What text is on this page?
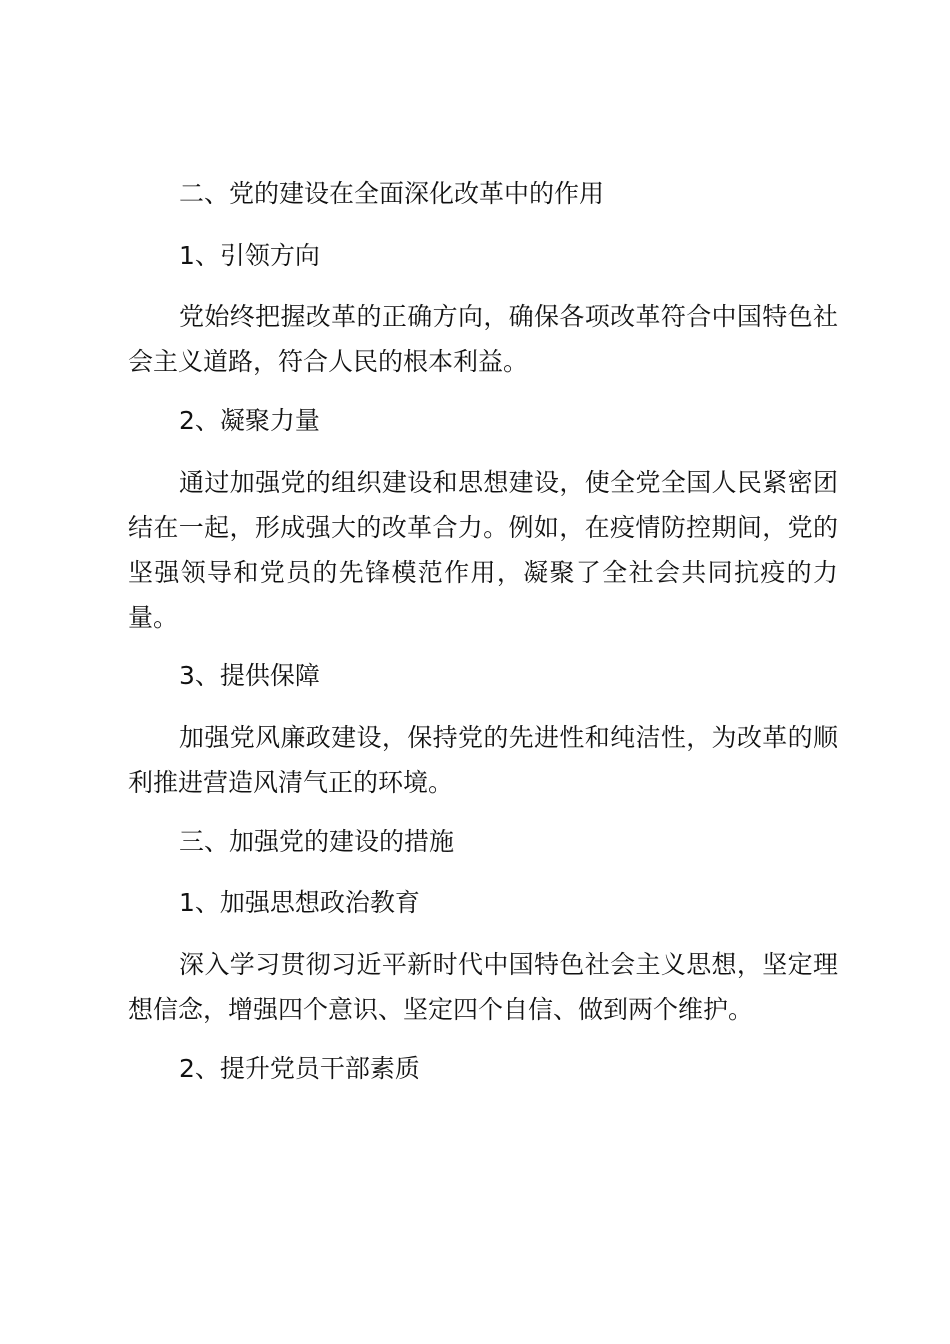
二、党的建设在全面深化改革中的作用

1、引领方向

党始终把握改革的正确方向，确保各项改革符合中国特色社会主义道路，符合人民的根本利益。

2、凝聚力量

通过加强党的组织建设和思想建设，使全党全国人民紧密团结在一起，形成强大的改革合力。例如，在疫情防控期间，党的坚强领导和党员的先锋模范作用，凝聚了全社会共同抗疫的力量。

3、提供保障

加强党风廉政建设，保持党的先进性和纯洁性，为改革的顺利推进营造风清气正的环境。

三、加强党的建设的措施

1、加强思想政治教育

深入学习贯彻习近平新时代中国特色社会主义思想，坚定理想信念，增强四个意识、坚定四个自信、做到两个维护。

2、提升党员干部素质
